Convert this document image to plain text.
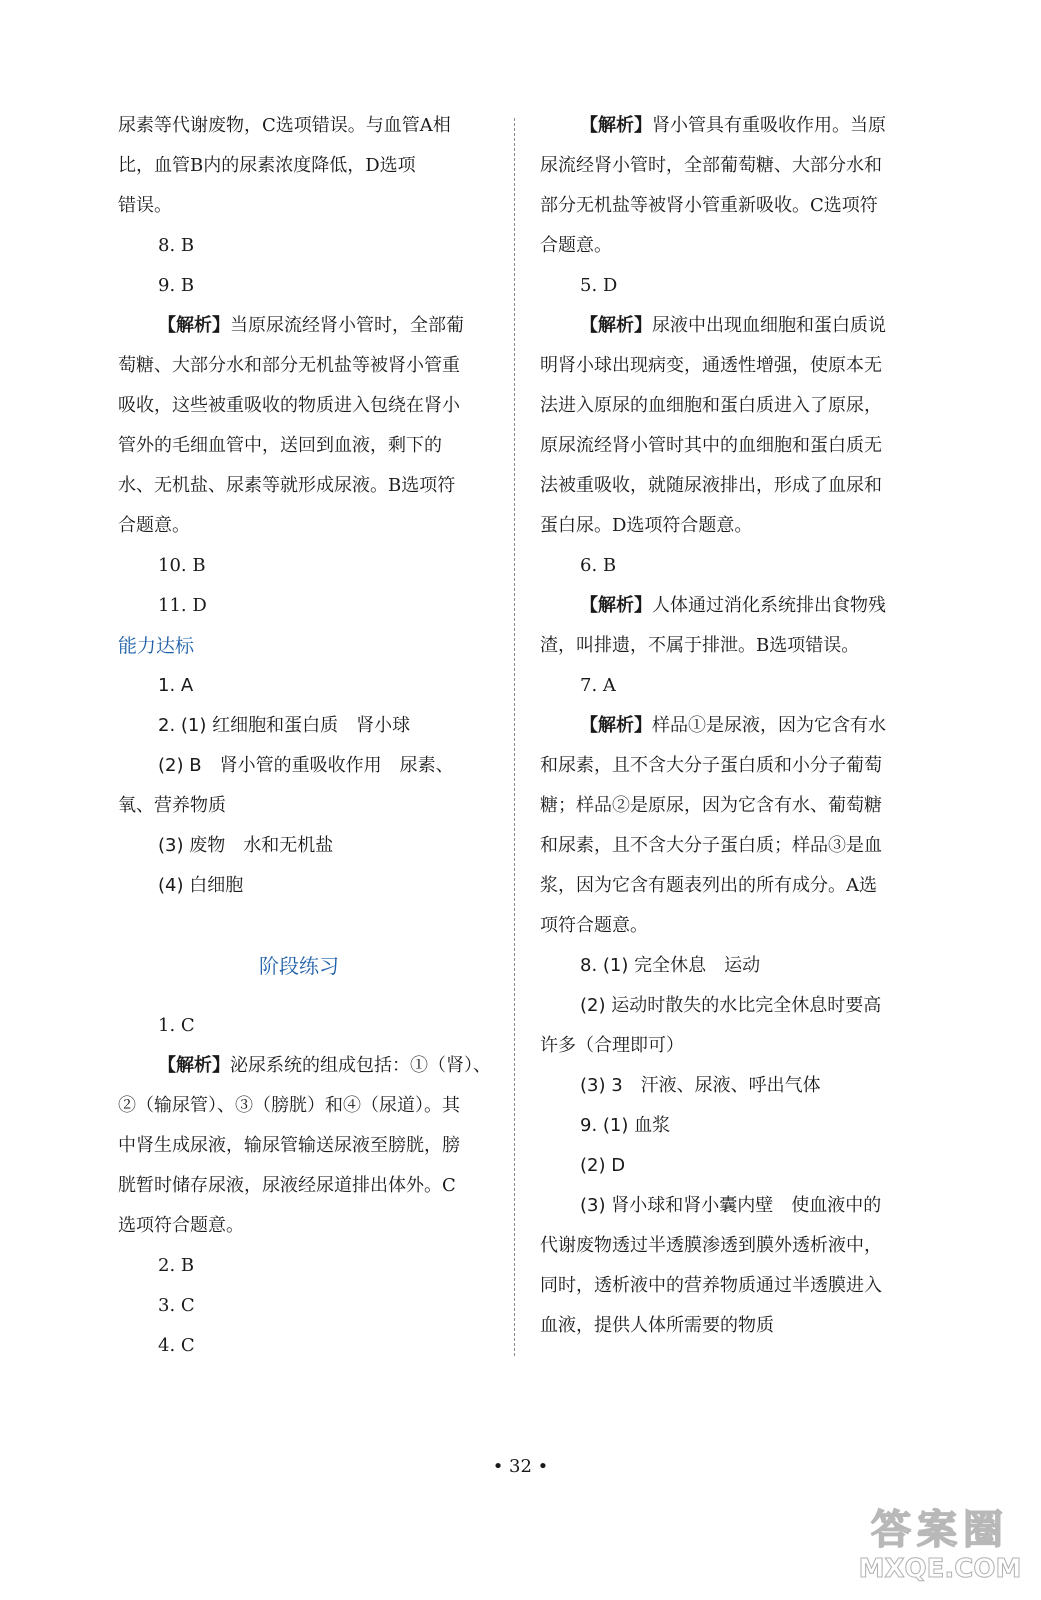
尿素等代谢废物，C选项错误。与血管A相
比，血管B内的尿素浓度降低，D选项
错误。
8. B
9. B
【解析】当原尿流经肾小管时，全部葡
萄糖、大部分水和部分无机盐等被肾小管重
吸收，这些被重吸收的物质进入包绕在肾小
管外的毛细血管中，送回到血液，剩下的
水、无机盐、尿素等就形成尿液。B选项符
合题意。
10. B
11. D
能力达标
1. A
2. (1) 红细胞和蛋白质　肾小球
(2) B　肾小管的重吸收作用　尿素、
氧、营养物质
(3) 废物　水和无机盐
(4) 白细胞
阶段练习
1. C
【解析】泌尿系统的组成包括：①（肾）、
②（输尿管）、③（膀胱）和④（尿道）。其
中肾生成尿液，输尿管输送尿液至膀胱，膀
胱暂时储存尿液，尿液经尿道排出体外。C
选项符合题意。
2. B
3. C
4. C
【解析】肾小管具有重吸收作用。当原
尿流经肾小管时，全部葡萄糖、大部分水和
部分无机盐等被肾小管重新吸收。C选项符
合题意。
5. D
【解析】尿液中出现血细胞和蛋白质说
明肾小球出现病变，通透性增强，使原本无
法进入原尿的血细胞和蛋白质进入了原尿，
原尿流经肾小管时其中的血细胞和蛋白质无
法被重吸收，就随尿液排出，形成了血尿和
蛋白尿。D选项符合题意。
6. B
【解析】人体通过消化系统排出食物残
渣，叫排遗，不属于排泄。B选项错误。
7. A
【解析】样品①是尿液，因为它含有水
和尿素，且不含大分子蛋白质和小分子葡萄
糖；样品②是原尿，因为它含有水、葡萄糖
和尿素，且不含大分子蛋白质；样品③是血
浆，因为它含有题表列出的所有成分。A选
项符合题意。
8. (1) 完全休息　运动
(2) 运动时散失的水比完全休息时要高
许多（合理即可）
(3) 3　汗液、尿液、呼出气体
9. (1) 血浆
(2) D
(3) 肾小球和肾小囊内壁　使血液中的
代谢废物透过半透膜渗透到膜外透析液中，
同时，透析液中的营养物质通过半透膜进入
血液，提供人体所需要的物质
• 32 •
答案圈
MXQE.COM
